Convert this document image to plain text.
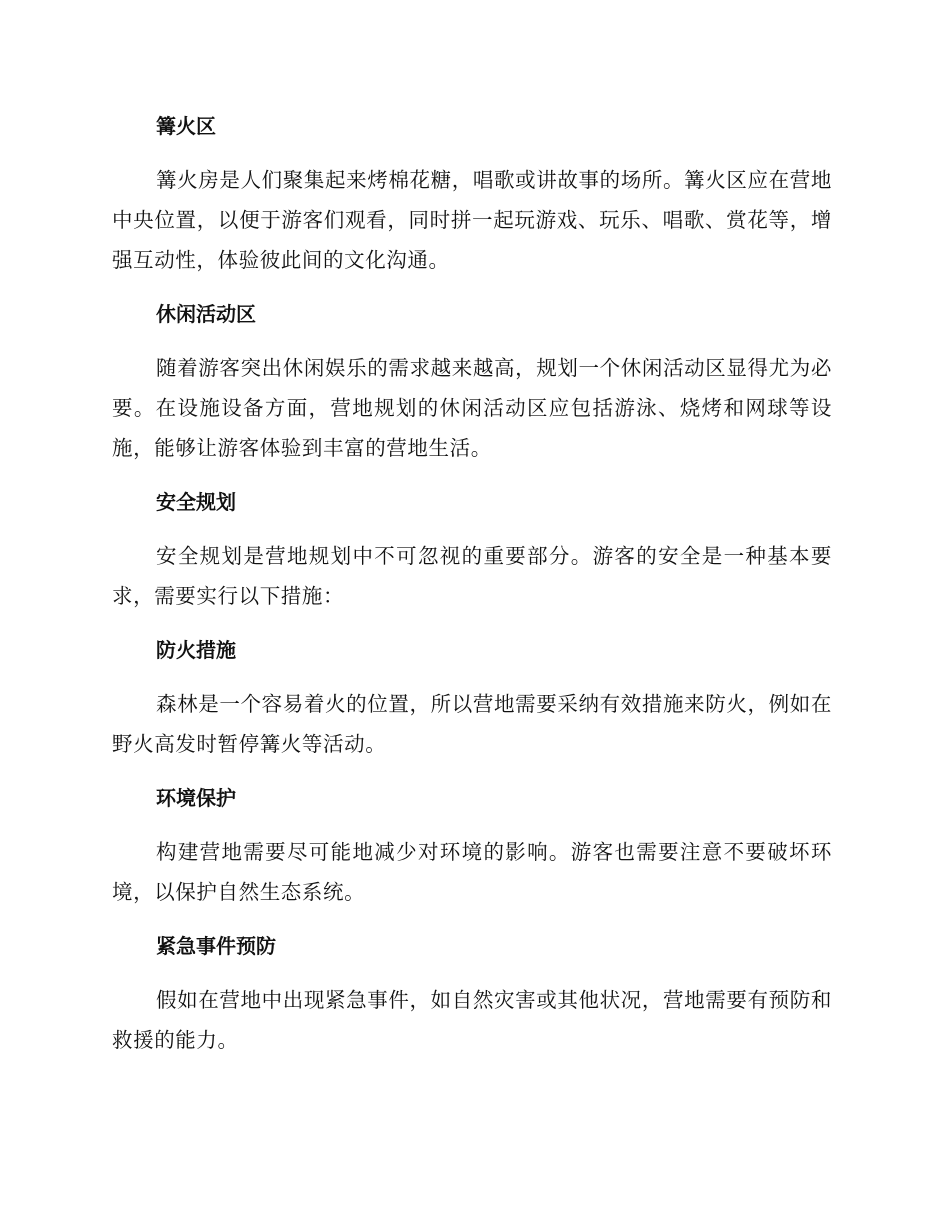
篝火区

篝火房是人们聚集起来烤棉花糖，唱歌或讲故事的场所。篝火区应在营地中央位置，以便于游客们观看，同时拼一起玩游戏、玩乐、唱歌、赏花等，增强互动性，体验彼此间的文化沟通。

休闲活动区

随着游客突出休闲娱乐的需求越来越高，规划一个休闲活动区显得尤为必要。在设施设备方面，营地规划的休闲活动区应包括游泳、烧烤和网球等设施，能够让游客体验到丰富的营地生活。

安全规划

安全规划是营地规划中不可忽视的重要部分。游客的安全是一种基本要求，需要实行以下措施：

防火措施

森林是一个容易着火的位置，所以营地需要采纳有效措施来防火，例如在野火高发时暂停篝火等活动。

环境保护

构建营地需要尽可能地减少对环境的影响。游客也需要注意不要破坏环境，以保护自然生态系统。

紧急事件预防

假如在营地中出现紧急事件，如自然灾害或其他状况，营地需要有预防和救援的能力。
